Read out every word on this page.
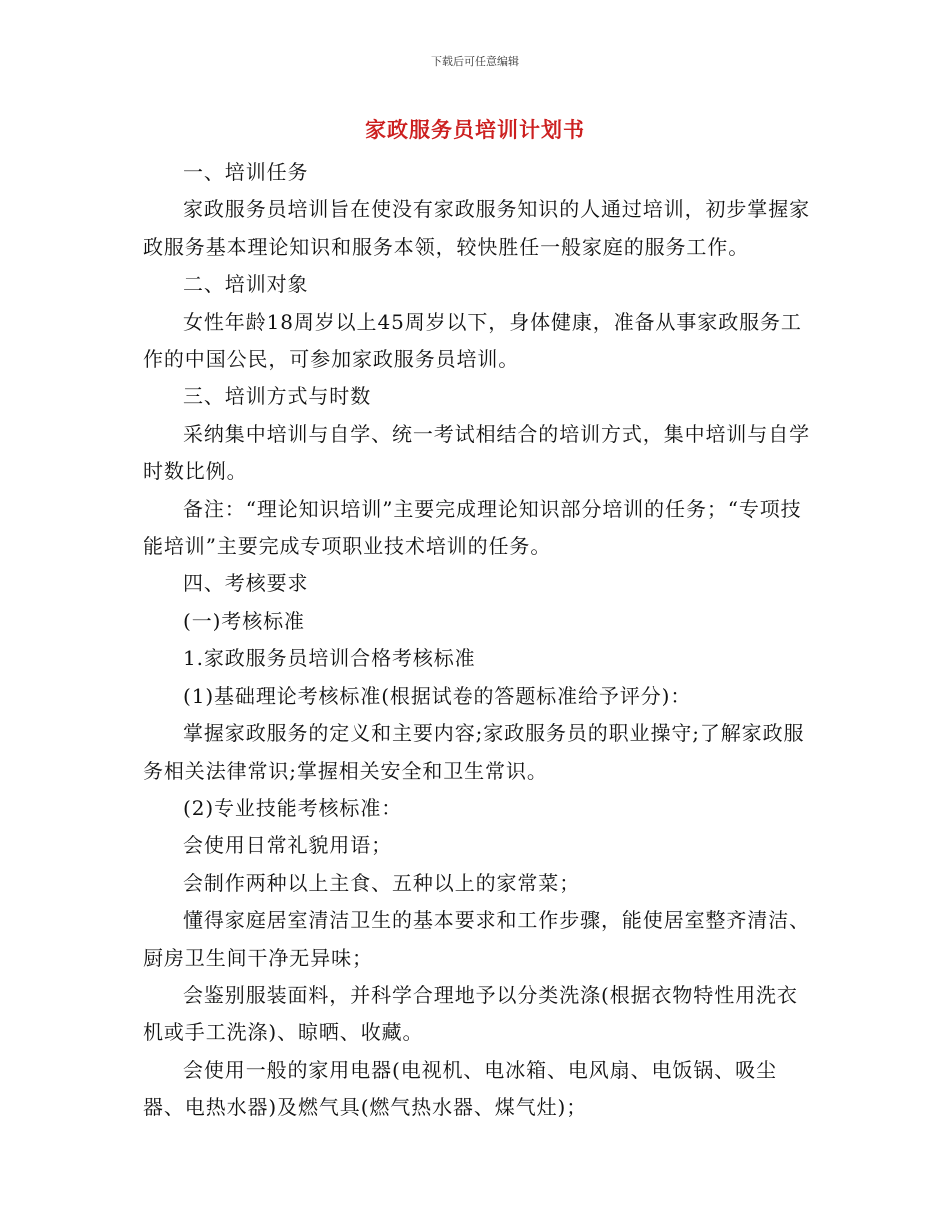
下载后可任意编辑
家政服务员培训计划书

一、培训任务

家政服务员培训旨在使没有家政服务知识的人通过培训，初步掌握家政服务基本理论知识和服务本领，较快胜任一般家庭的服务工作。

二、培训对象

女性年龄18周岁以上45周岁以下，身体健康，准备从事家政服务工作的中国公民，可参加家政服务员培训。

三、培训方式与时数

采纳集中培训与自学、统一考试相结合的培训方式，集中培训与自学时数比例。

备注：“理论知识培训”主要完成理论知识部分培训的任务；“专项技能培训”主要完成专项职业技术培训的任务。

四、考核要求

(一)考核标准

1.家政服务员培训合格考核标准

(1)基础理论考核标准(根据试卷的答题标准给予评分)：

掌握家政服务的定义和主要内容;家政服务员的职业操守;了解家政服务相关法律常识;掌握相关安全和卫生常识。

(2)专业技能考核标准：

会使用日常礼貌用语；

会制作两种以上主食、五种以上的家常菜；

懂得家庭居室清洁卫生的基本要求和工作步骤，能使居室整齐清洁、厨房卫生间干净无异味；

会鉴别服装面料，并科学合理地予以分类洗涤(根据衣物特性用洗衣机或手工洗涤)、晾晒、收藏。

会使用一般的家用电器(电视机、电冰箱、电风扇、电饭锅、吸尘器、电热水器)及燃气具(燃气热水器、煤气灶)；
